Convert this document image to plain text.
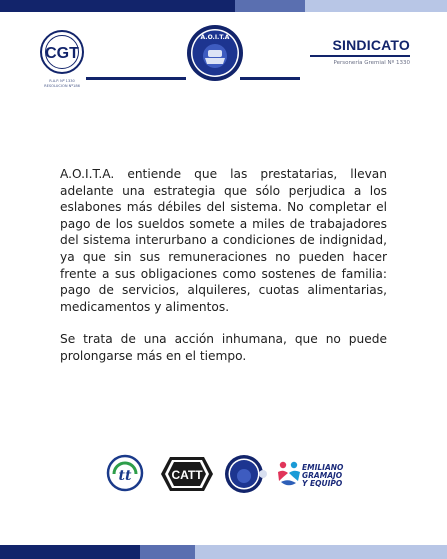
CGT
R.A.P. Nº 1330
RESOLUCION Nº186
A.O.I.T.A	SINDICATO
Personería Gremial Nº 1330

A.O.I.T.A. entiende que las prestatarias, llevan adelante una estrategia que sólo perjudica a los eslabones más débiles del sistema. No completar el pago de los sueldos somete a miles de trabajadores del sistema interurbano a condiciones de indignidad, ya que sin sus remuneraciones no pueden hacer frente a sus obligaciones como sostenes de familia: pago de servicios, alquileres, cuotas alimentarias, medicamentos y alimentos.

Se trata de una acción inhumana, que no puede prolongarse más en el tiempo.

tt	CATT
EMILIANO
GRAMAJO
Y EQUIPO
